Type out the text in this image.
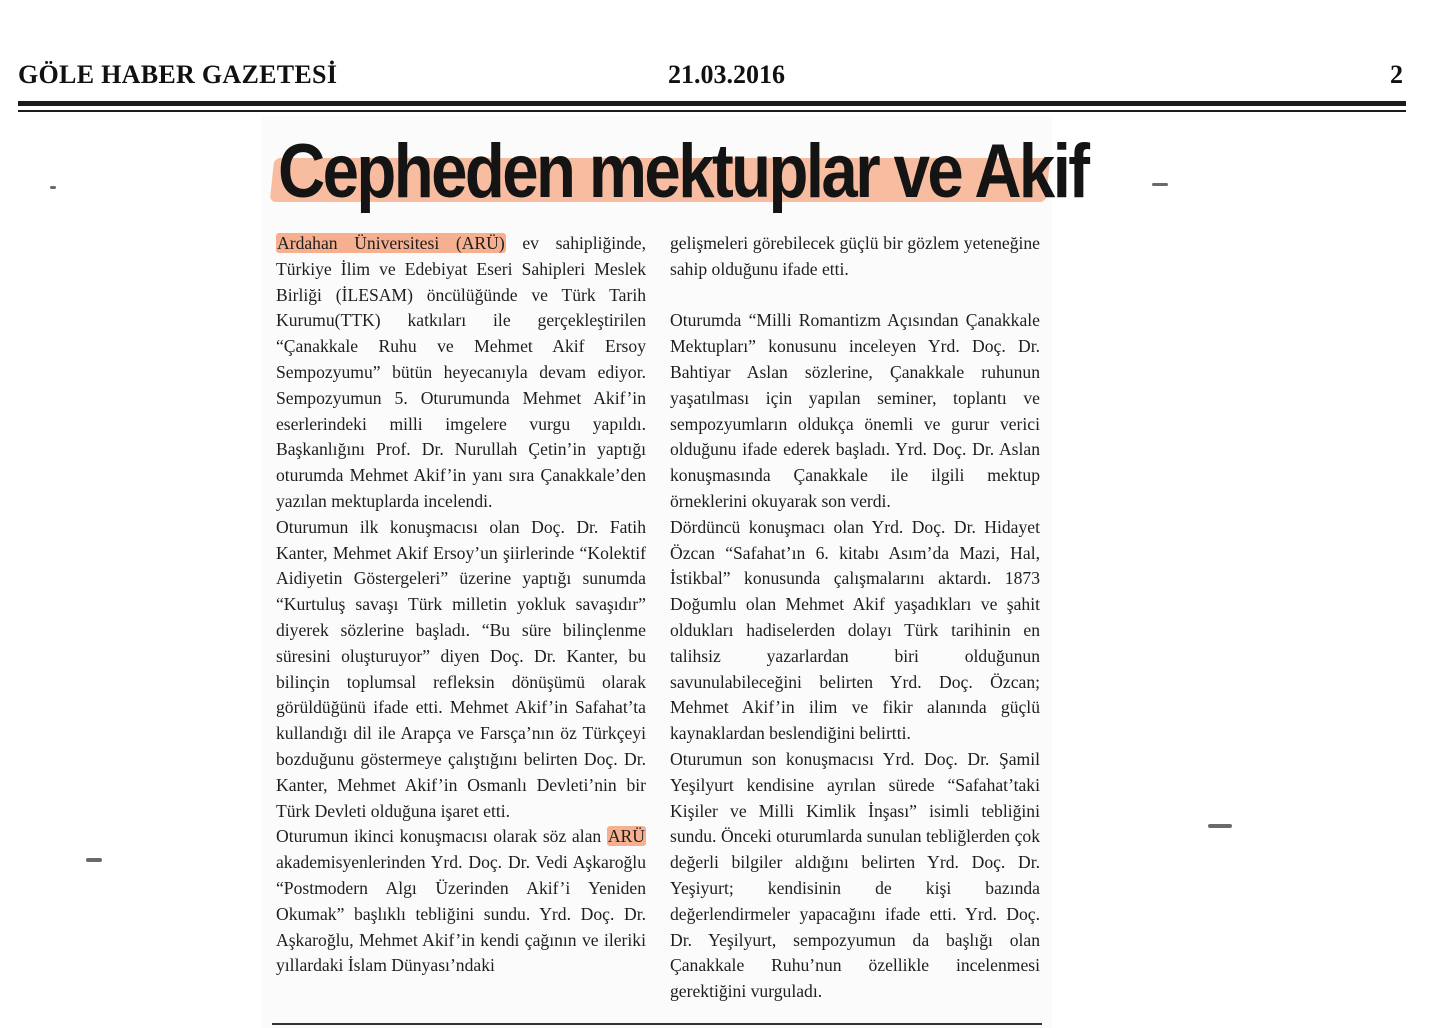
GÖLE HABER GAZETESİ	21.03.2016	2
Cepheden mektuplar ve Akif

Ardahan Üniversitesi (ARÜ) ev sahipliğinde, Türkiye İlim ve Edebiyat Eseri Sahipleri Meslek Birliği (İLESAM) öncülüğünde ve Türk Tarih Kurumu(TTK) katkıları ile gerçekleştirilen “Çanakkale Ruhu ve Mehmet Akif Ersoy Sempozyumu” bütün heyecanıyla devam ediyor. Sempozyumun 5. Oturumunda Mehmet Akif’in eserlerindeki milli imgelere vurgu yapıldı. Başkanlığını Prof. Dr. Nurullah Çetin’in yaptığı oturumda Mehmet Akif’in yanı sıra Çanakkale’den yazılan mektuplarda incelendi.

Oturumun ilk konuşmacısı olan Doç. Dr. Fatih Kanter, Mehmet Akif Ersoy’un şiirlerinde “Kolektif Aidiyetin Göstergeleri” üzerine yaptığı sunumda “Kurtuluş savaşı Türk milletin yokluk savaşıdır” diyerek sözlerine başladı. “Bu süre bilinçlenme süresini oluşturuyor” diyen Doç. Dr. Kanter, bu bilinçin toplumsal refleksin dönüşümü olarak görüldüğünü ifade etti. Mehmet Akif’in Safahat’ta kullandığı dil ile Arapça ve Farsça’nın öz Türkçeyi bozduğunu göstermeye çalıştığını belirten Doç. Dr. Kanter, Mehmet Akif’in Osmanlı Devleti’nin bir Türk Devleti olduğuna işaret etti.

Oturumun ikinci konuşmacısı olarak söz alan ARÜ akademisyenlerinden Yrd. Doç. Dr. Vedi Aşkaroğlu “Postmodern Algı Üzerinden Akif’i Yeniden Okumak” başlıklı tebliğini sundu. Yrd. Doç. Dr. Aşkaroğlu, Mehmet Akif’in kendi çağının ve ileriki yıllardaki İslam Dünyası’ndaki

gelişmeleri görebilecek güçlü bir gözlem yeteneğine sahip olduğunu ifade etti.

Oturumda “Milli Romantizm Açısından Çanakkale Mektupları” konusunu inceleyen Yrd. Doç. Dr. Bahtiyar Aslan sözlerine, Çanakkale ruhunun yaşatılması için yapılan seminer, toplantı ve sempozyumların oldukça önemli ve gurur verici olduğunu ifade ederek başladı. Yrd. Doç. Dr. Aslan konuşmasında Çanakkale ile ilgili mektup örneklerini okuyarak son verdi.

Dördüncü konuşmacı olan Yrd. Doç. Dr. Hidayet Özcan “Safahat’ın 6. kitabı Asım’da Mazi, Hal, İstikbal” konusunda çalışmalarını aktardı. 1873 Doğumlu olan Mehmet Akif yaşadıkları ve şahit oldukları hadiselerden dolayı Türk tarihinin en talihsiz yazarlardan biri olduğunun savunulabileceğini belirten Yrd. Doç. Özcan; Mehmet Akif’in ilim ve fikir alanında güçlü kaynaklardan beslendiğini belirtti.

Oturumun son konuşmacısı Yrd. Doç. Dr. Şamil Yeşilyurt kendisine ayrılan sürede “Safahat’taki Kişiler ve Milli Kimlik İnşası” isimli tebliğini sundu. Önceki oturumlarda sunulan tebliğlerden çok değerli bilgiler aldığını belirten Yrd. Doç. Dr. Yeşiyurt; kendisinin de kişi bazında değerlendirmeler yapacağını ifade etti. Yrd. Doç. Dr. Yeşilyurt, sempozyumun da başlığı olan Çanakkale Ruhu’nun özellikle incelenmesi gerektiğini vurguladı.
